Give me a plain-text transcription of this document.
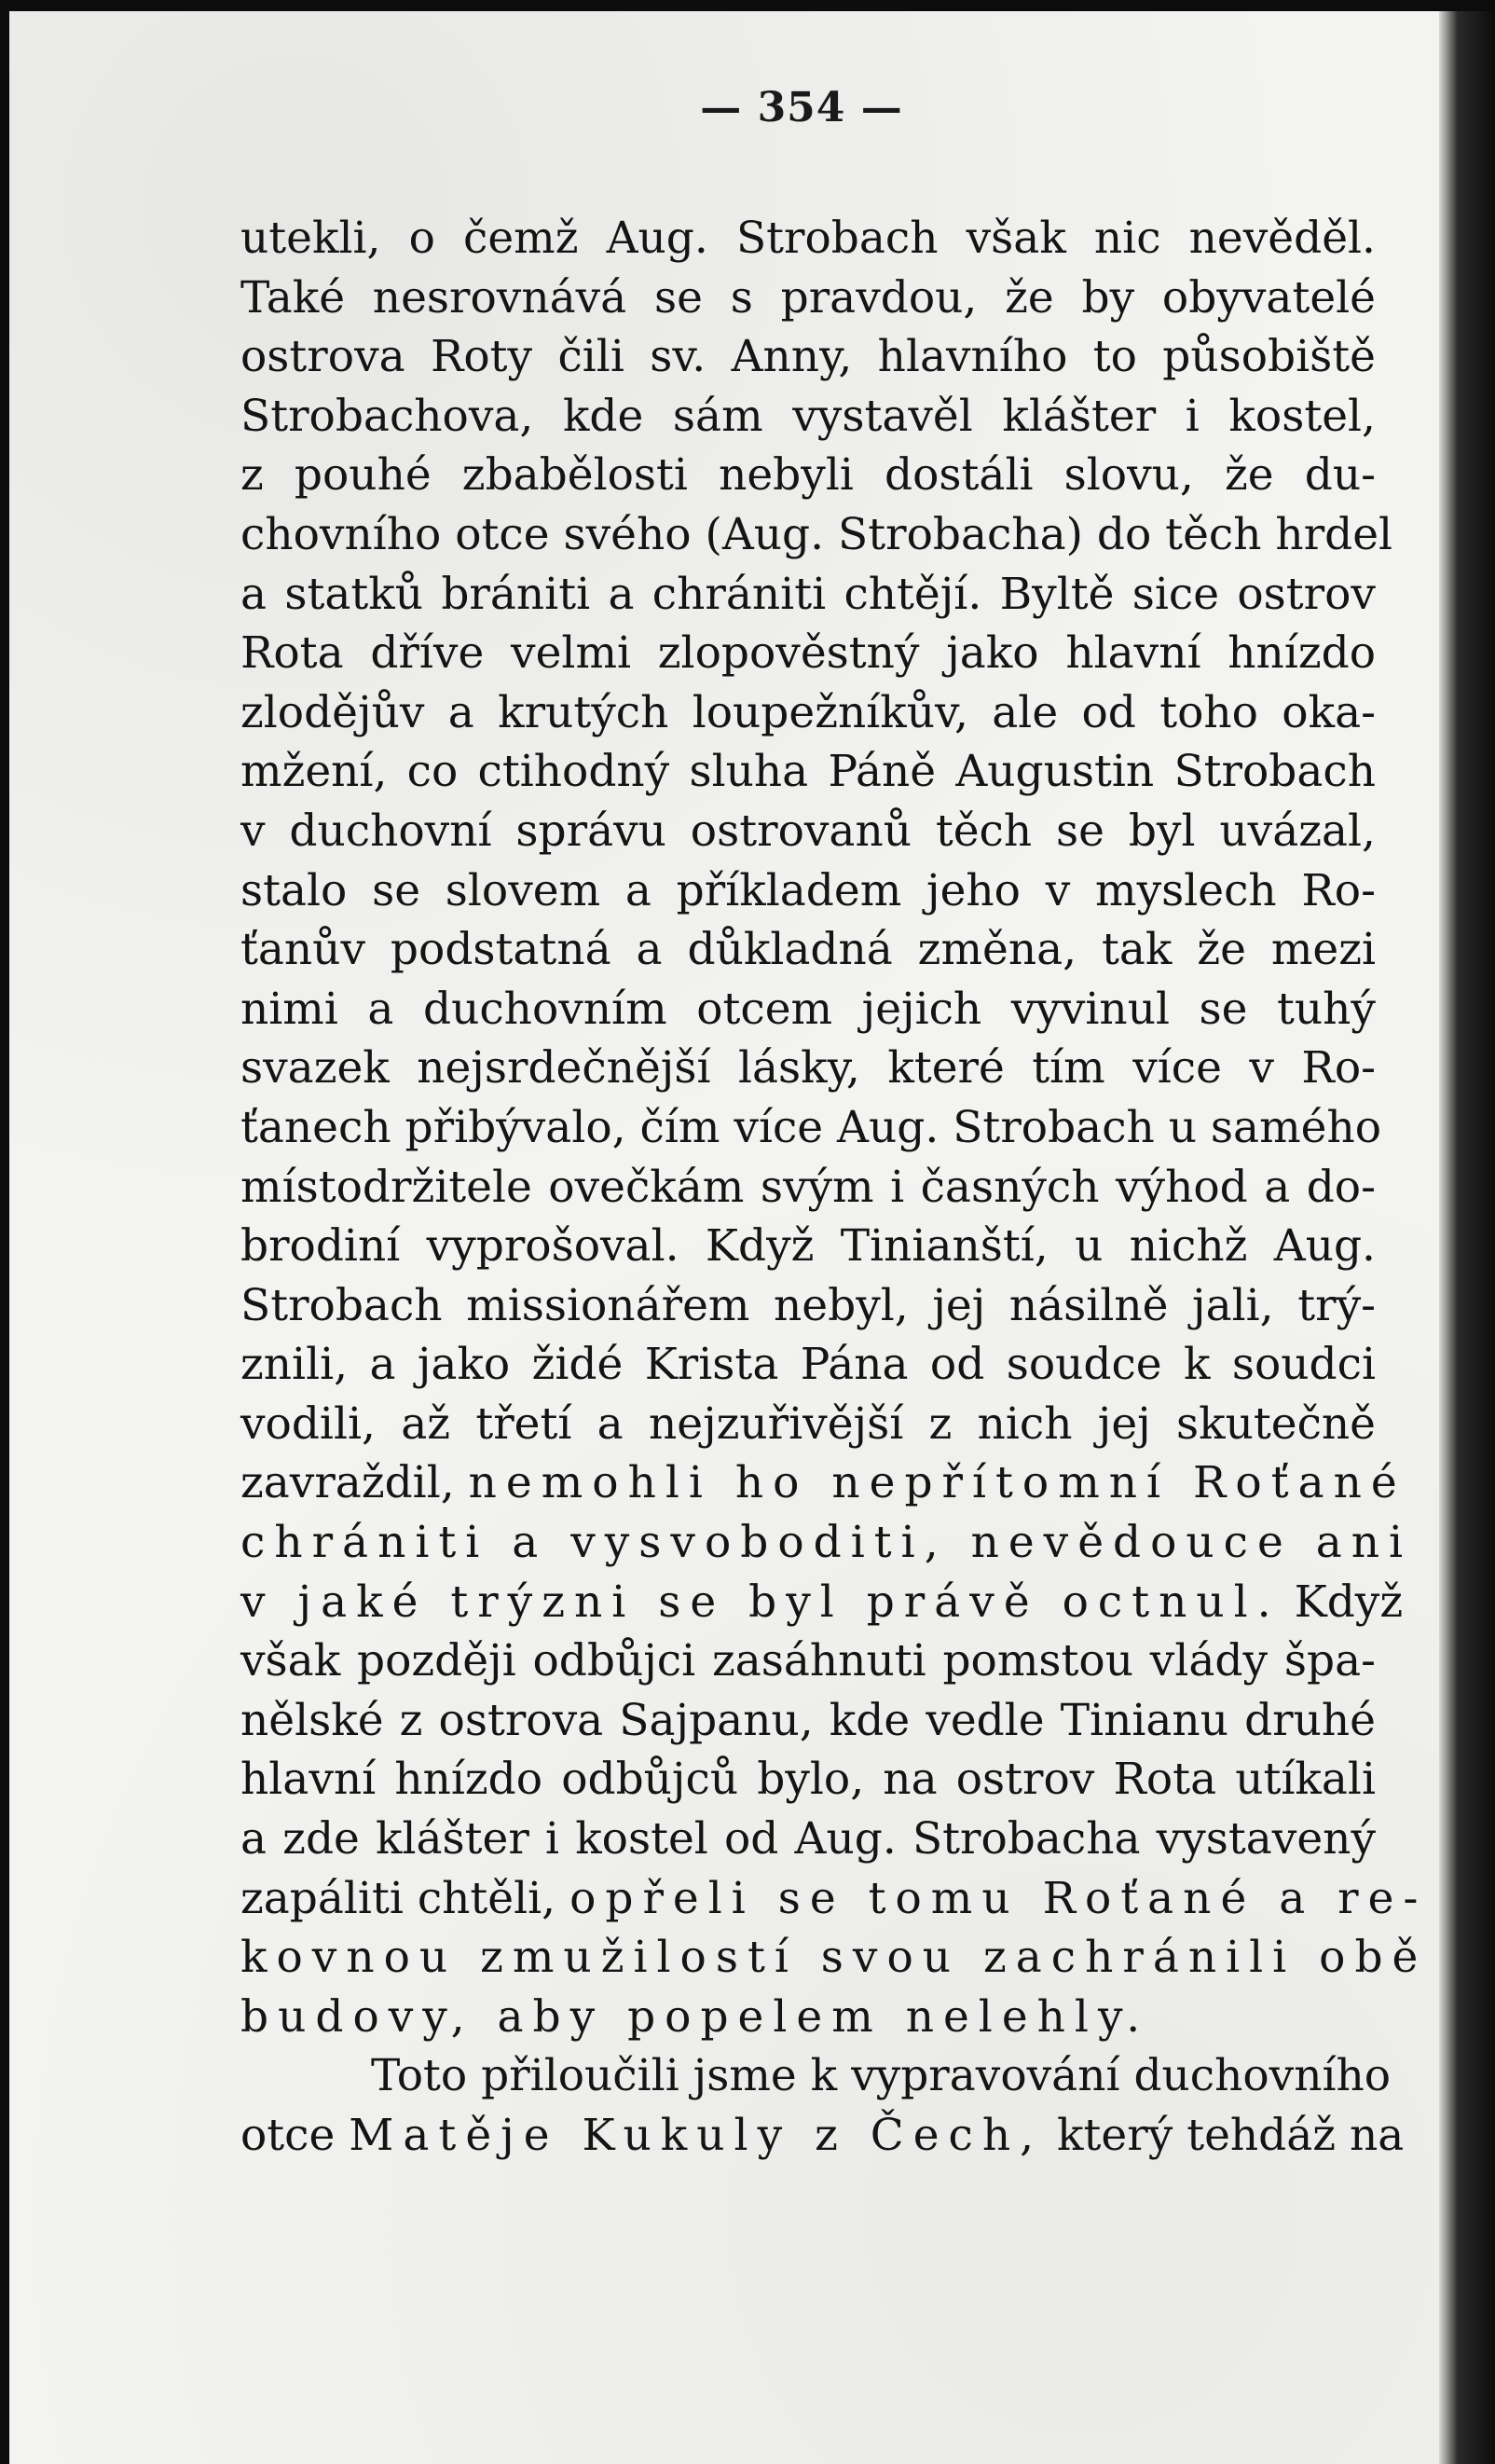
— 354 —
utekli, o čemž Aug. Strobach však nic nevěděl.
Také nesrovnává se s pravdou, že by obyvatelé
ostrova Roty čili sv. Anny, hlavního to působiště
Strobachova, kde sám vystavěl klášter i kostel,
z pouhé zbabělosti nebyli dostáli slovu, že du-
chovního otce svého (Aug. Strobacha) do těch hrdel
a statků brániti a chrániti chtějí. Byltě sice ostrov
Rota dříve velmi zlopověstný jako hlavní hnízdo
zlodějův a krutých loupežníkův, ale od toho oka-
mžení, co ctihodný sluha Páně Augustin Strobach
v duchovní správu ostrovanů těch se byl uvázal,
stalo se slovem a příkladem jeho v myslech Ro-
ťanův podstatná a důkladná změna, tak že mezi
nimi a duchovním otcem jejich vyvinul se tuhý
svazek nejsrdečnější lásky, které tím více v Ro-
ťanech přibývalo, čím více Aug. Strobach u samého
místodržitele ovečkám svým i časných výhod a do-
brodiní vyprošoval. Když Tinianští, u nichž Aug.
Strobach missionářem nebyl, jej násilně jali, trý-
znili, a jako židé Krista Pána od soudce k soudci
vodili, až třetí a nejzuřivější z nich jej skutečně
zavraždil, nemohli ho nepřítomní Roťané
chrániti a vysvoboditi, nevědouce ani
v jaké trýzni se byl právě octnul. Když
však později odbůjci zasáhnuti pomstou vlády špa-
nělské z ostrova Sajpanu, kde vedle Tinianu druhé
hlavní hnízdo odbůjců bylo, na ostrov Rota utíkali
a zde klášter i kostel od Aug. Strobacha vystavený
zapáliti chtěli, opřeli se tomu Roťané a re-
kovnou zmužilostí svou zachránili obě
budovy, aby popelem nelehly.
Toto přiloučili jsme k vypravování duchovního
otce Matěje Kukuly z Čech, který tehdáž na
